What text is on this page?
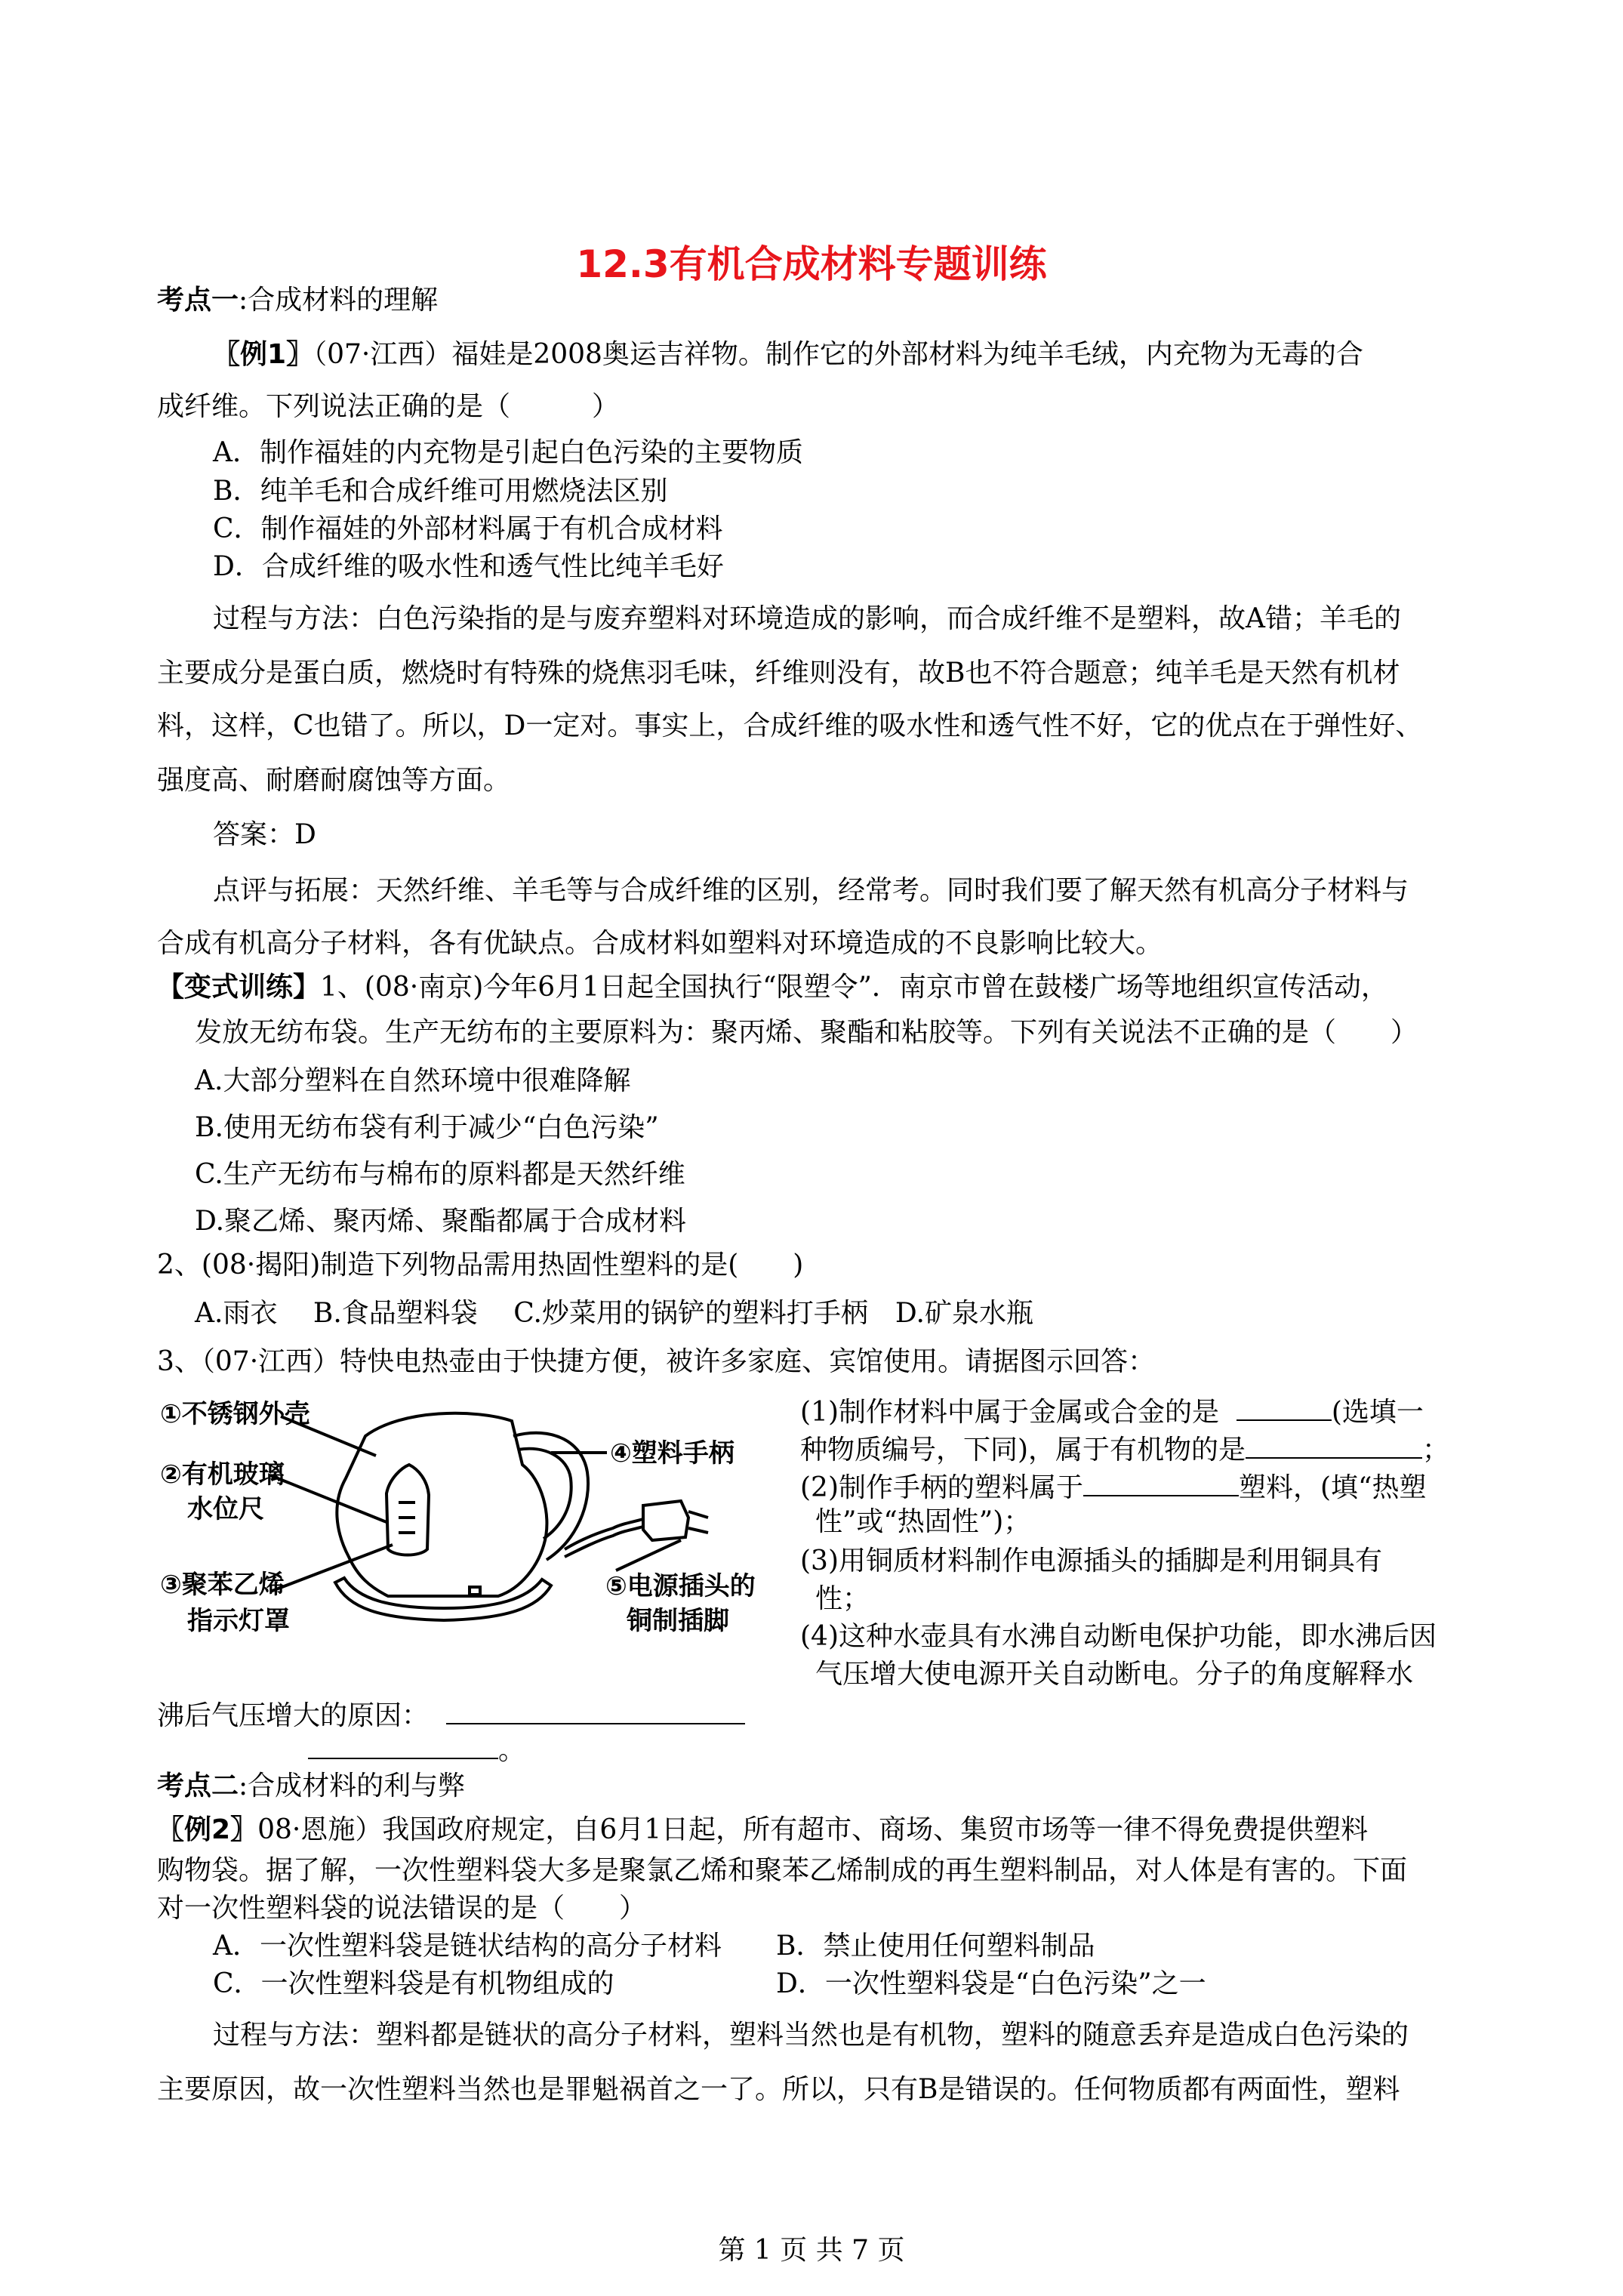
12.3有机合成材料专题训练
考点一:合成材料的理解
〖例1〗（07·江西）福娃是2008奥运吉祥物。制作它的外部材料为纯羊毛绒，内充物为无毒的合
成纤维。下列说法正确的是（　　　）
A．制作福娃的内充物是引起白色污染的主要物质
B．纯羊毛和合成纤维可用燃烧法区别
C．制作福娃的外部材料属于有机合成材料
D．合成纤维的吸水性和透气性比纯羊毛好
过程与方法：白色污染指的是与废弃塑料对环境造成的影响，而合成纤维不是塑料，故A错；羊毛的
主要成分是蛋白质，燃烧时有特殊的烧焦羽毛味，纤维则没有，故B也不符合题意；纯羊毛是天然有机材
料，这样，C也错了。所以，D一定对。事实上，合成纤维的吸水性和透气性不好，它的优点在于弹性好、
强度高、耐磨耐腐蚀等方面。
答案：D
点评与拓展：天然纤维、羊毛等与合成纤维的区别，经常考。同时我们要了解天然有机高分子材料与
合成有机高分子材料，各有优缺点。合成材料如塑料对环境造成的不良影响比较大。
【变式训练】1、(08·南京)今年6月1日起全国执行“限塑令”．南京市曾在鼓楼广场等地组织宣传活动，
发放无纺布袋。生产无纺布的主要原料为：聚丙烯、聚酯和粘胶等。下列有关说法不正确的是（　　）
A.大部分塑料在自然环境中很难降解
B.使用无纺布袋有利于减少“白色污染”
C.生产无纺布与棉布的原料都是天然纤维
D.聚乙烯、聚丙烯、聚酯都属于合成材料
2、(08·揭阳)制造下列物品需用热固性塑料的是(　　)
A.雨衣　 B.食品塑料袋　 C.炒菜用的锅铲的塑料打手柄　D.矿泉水瓶
3、（07·江西）特快电热壶由于快捷方便，被许多家庭、宾馆使用。请据图示回答：
①不锈钢外壳
②有机玻璃
水位尺
③聚苯乙烯
指示灯罩
④塑料手柄
⑤电源插头的
铜制插脚
(1)制作材料中属于金属或合金的是	(选填一
种物质编号，下同)，属于有机物的是	；
(2)制作手柄的塑料属于	塑料，(填“热塑
性”或“热固性”)；
(3)用铜质材料制作电源插头的插脚是利用铜具有
性；
(4)这种水壶具有水沸自动断电保护功能，即水沸后因
气压增大使电源开关自动断电。分子的角度解释水
沸后气压增大的原因：
。
考点二:合成材料的利与弊
〖例2〗08·恩施）我国政府规定，自6月1日起，所有超市、商场、集贸市场等一律不得免费提供塑料
购物袋。据了解，一次性塑料袋大多是聚氯乙烯和聚苯乙烯制成的再生塑料制品，对人体是有害的。下面
对一次性塑料袋的说法错误的是（　　）
A．一次性塑料袋是链状结构的高分子材料 B．禁止使用任何塑料制品
C．一次性塑料袋是有机物组成的	D．一次性塑料袋是“白色污染”之一
过程与方法：塑料都是链状的高分子材料，塑料当然也是有机物，塑料的随意丢弃是造成白色污染的
主要原因，故一次性塑料当然也是罪魁祸首之一了。所以，只有B是错误的。任何物质都有两面性，塑料
第 1 页 共 7 页
